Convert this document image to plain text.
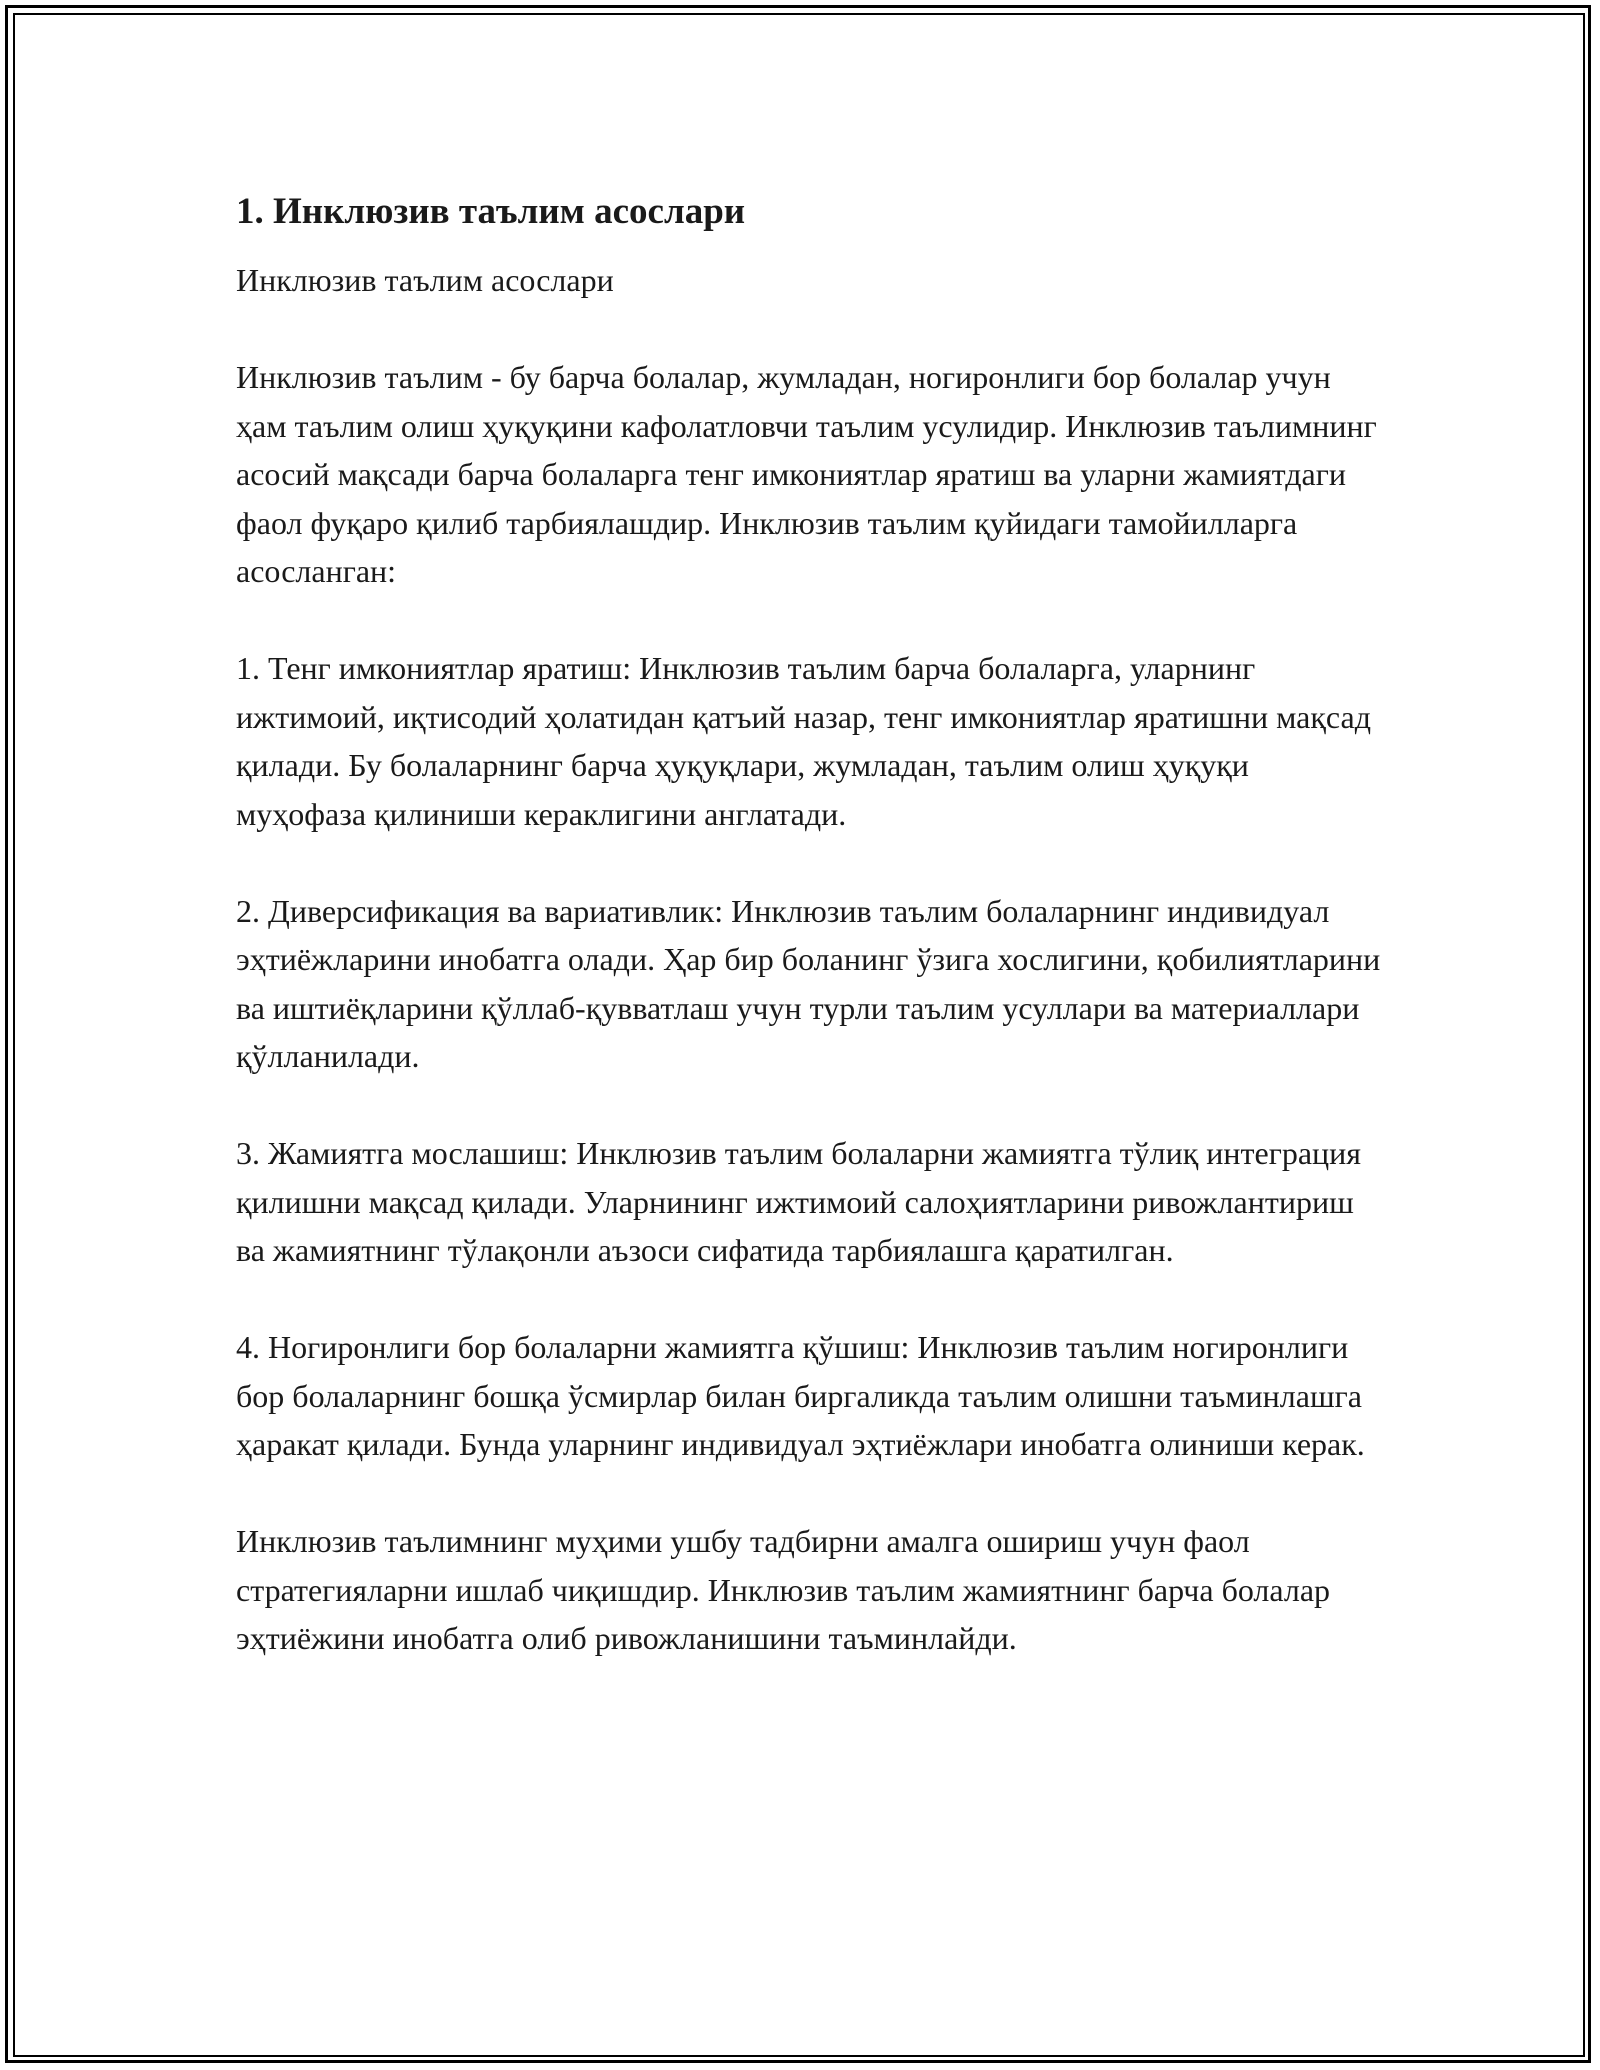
1. Инклюзив таълим асослари

Инклюзив таълим асослари

Инклюзив таълим - бу барча болалар, жумладан, ногиронлиги бор болалар учун ҳам таълим олиш ҳуқуқини кафолатловчи таълим усулидир. Инклюзив таълимнинг асосий мақсади барча болаларга тенг имкониятлар яратиш ва уларни жамиятдаги фаол фуқаро қилиб тарбиялашдир. Инклюзив таълим қуйидаги тамойилларга асосланган:

1. Тенг имкониятлар яратиш: Инклюзив таълим барча болаларга, уларнинг ижтимоий, иқтисодий ҳолатидан қатъий назар, тенг имкониятлар яратишни мақсад қилади. Бу болаларнинг барча ҳуқуқлари, жумладан, таълим олиш ҳуқуқи муҳофаза қилиниши кераклигини англатади.

2. Диверсификация ва вариативлик: Инклюзив таълим болаларнинг индивидуал эҳтиёжларини инобатга олади. Ҳар бир боланинг ўзига хослигини, қобилиятларини ва иштиёқларини қўллаб-қувватлаш учун турли таълим усуллари ва материаллари қўлланилади.

3. Жамиятга мослашиш: Инклюзив таълим болаларни жамиятга тўлиқ интеграция қилишни мақсад қилади. Уларнининг ижтимоий салоҳиятларини ривожлантириш ва жамиятнинг тўлақонли аъзоси сифатида тарбиялашга қаратилган.

4. Ногиронлиги бор болаларни жамиятга қўшиш: Инклюзив таълим ногиронлиги бор болаларнинг бошқа ўсмирлар билан биргаликда таълим олишни таъминлашга ҳаракат қилади. Бунда уларнинг индивидуал эҳтиёжлари инобатга олиниши керак.

Инклюзив таълимнинг муҳими ушбу тадбирни амалга ошириш учун фаол стратегияларни ишлаб чиқишдир. Инклюзив таълим жамиятнинг барча болалар эҳтиёжини инобатга олиб ривожланишини таъминлайди.
